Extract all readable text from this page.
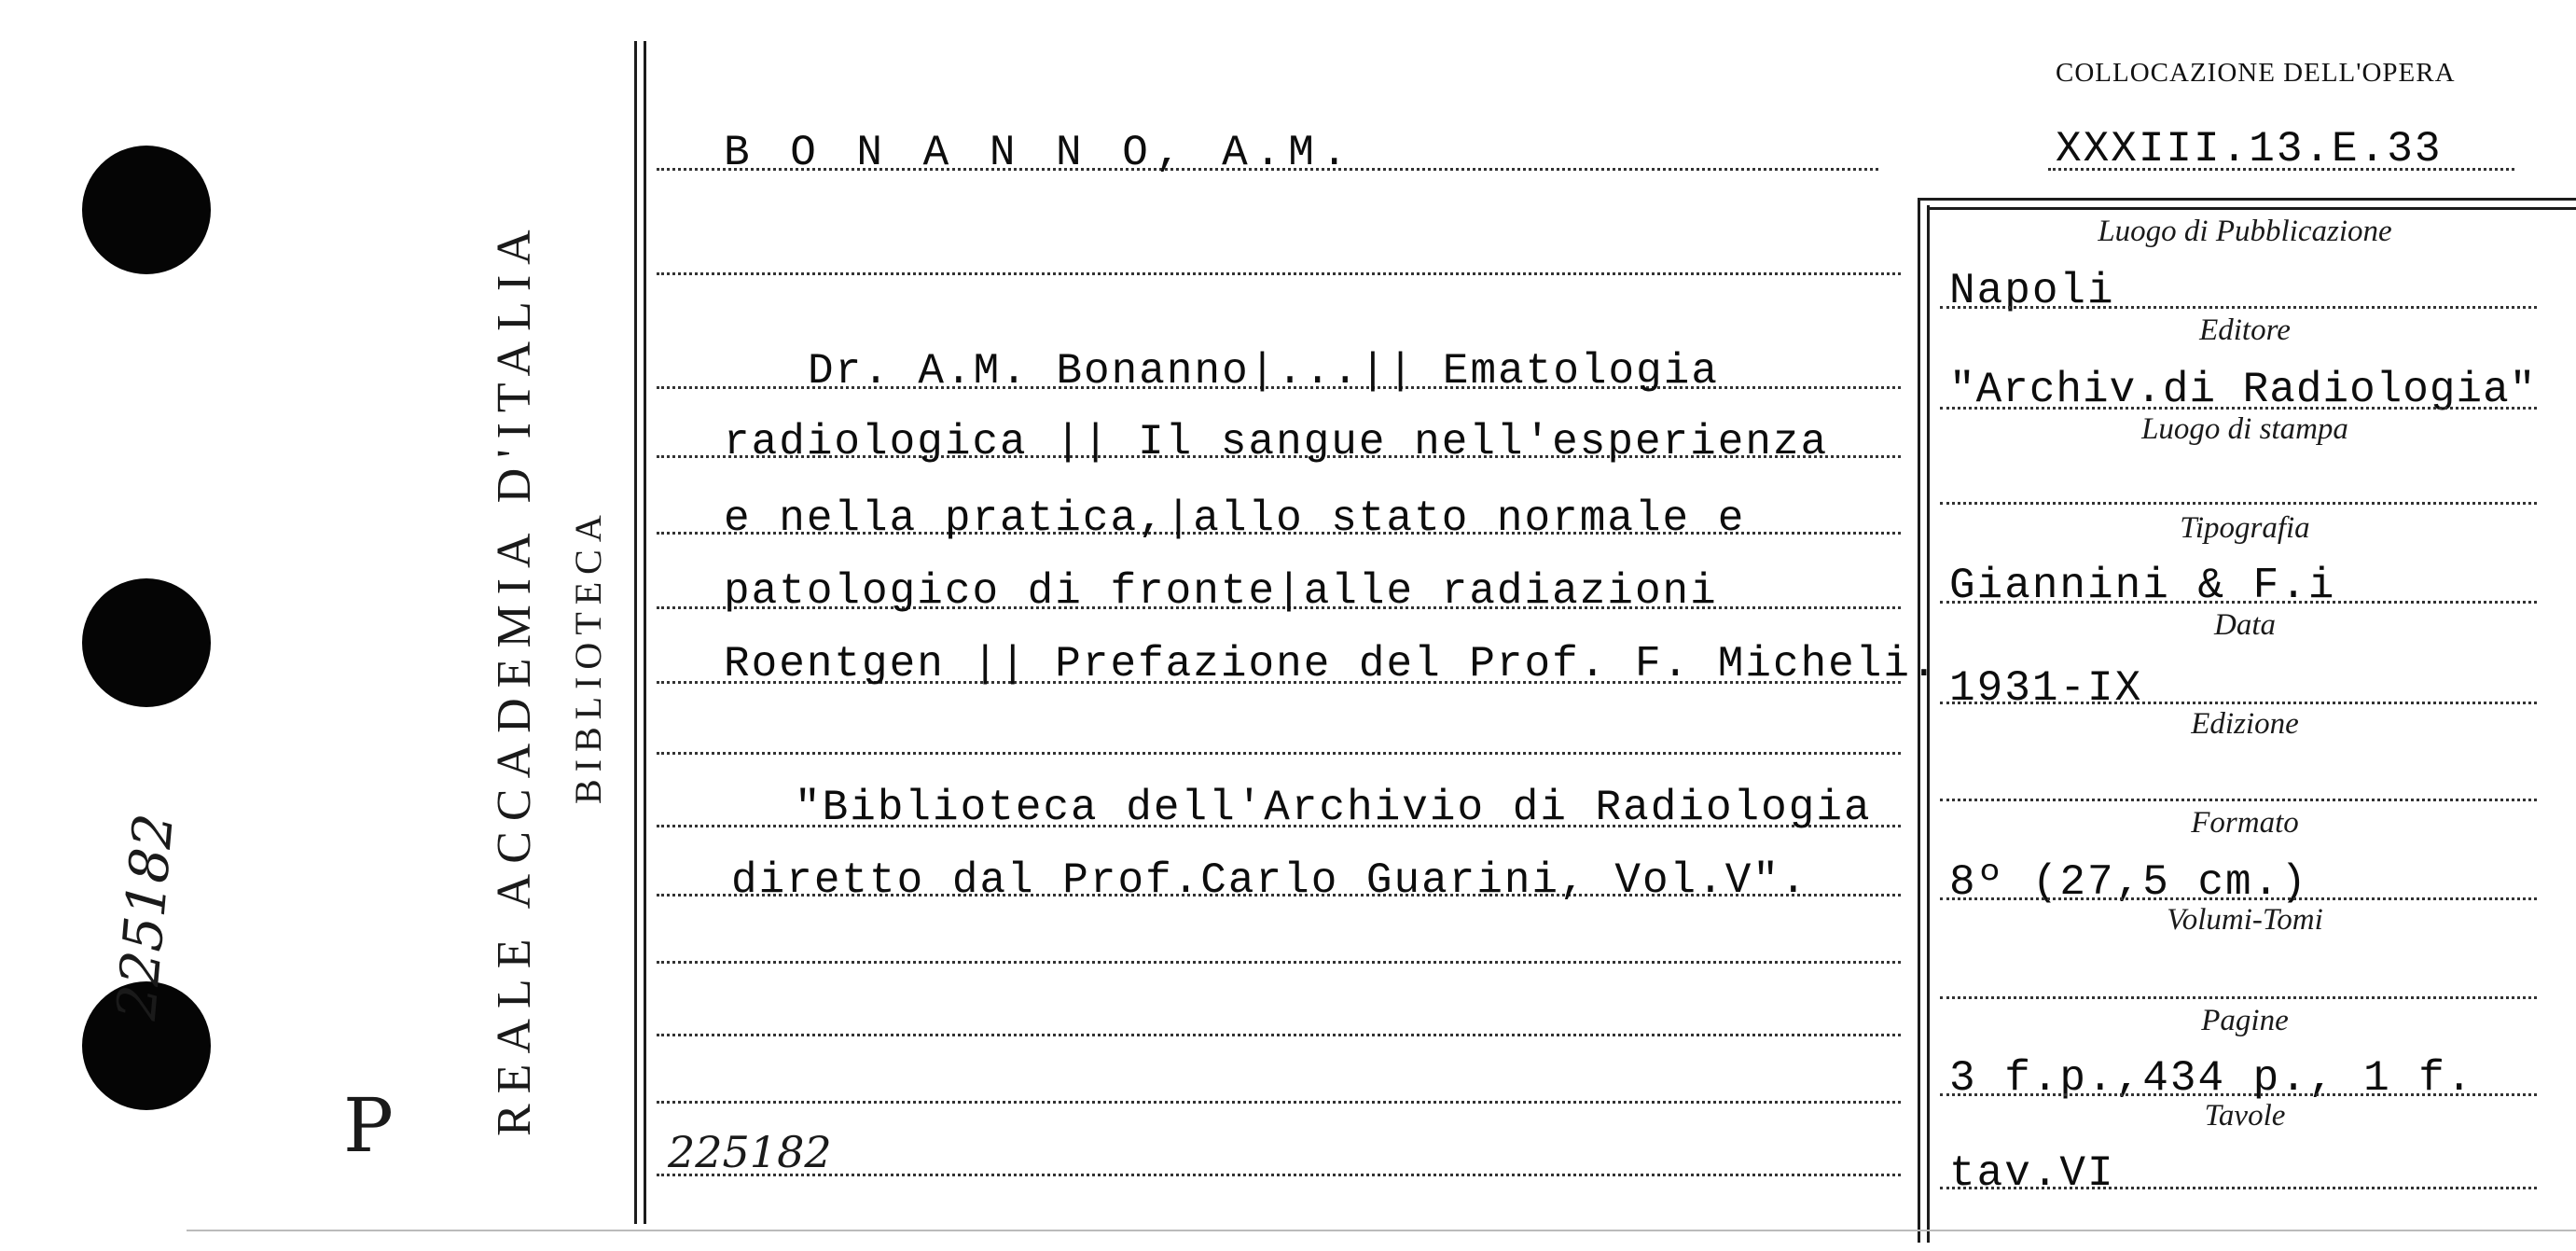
225182
P REALE ACCADEMIA D'ITALIA BIBLIOTECA
COLLOCAZIONE DELL'OPERA
XXXIII.13.E.33
B O N A N N O, A.M.
Dr. A.M. Bonanno|...|| Ematologia
radiologica || Il sangue nell'esperienza
e nella pratica,|allo stato normale e
patologico di fronte|alle radiazioni
Roentgen || Prefazione del Prof. F. Micheli.
"Biblioteca dell'Archivio di Radiologia
diretto dal Prof.Carlo Guarini, Vol.V".
225182
Luogo di Pubblicazione
Napoli
Editore
"Archiv.di Radiologia"
Luogo di stampa
Tipografia
Giannini & F.i
Data
1931-IX
Edizione
Formato
8º (27,5 cm.)
Volumi-Tomi
Pagine
3 f.p.,434 p., 1 f.
Tavole
tav.VI
